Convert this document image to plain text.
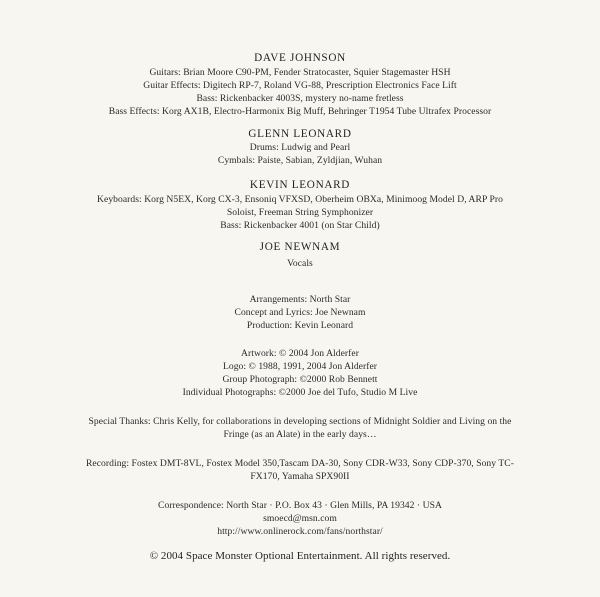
DAVE JOHNSON
Guitars: Brian Moore C90-PM, Fender Stratocaster, Squier Stagemaster HSH
Guitar Effects: Digitech RP-7, Roland VG-88, Prescription Electronics Face Lift
Bass: Rickenbacker 4003S, mystery no-name fretless
Bass Effects: Korg AX1B, Electro-Harmonix Big Muff, Behringer T1954 Tube Ultrafex Processor
GLENN LEONARD
Drums: Ludwig and Pearl
Cymbals: Paiste, Sabian, Zyldjian, Wuhan
KEVIN LEONARD
Keyboards: Korg N5EX, Korg CX-3, Ensoniq VFXSD, Oberheim OBXa, Minimoog Model D, ARP Pro
Soloist, Freeman String Symphonizer
Bass: Rickenbacker 4001 (on Star Child)
JOE NEWNAM
Vocals
Arrangements: North Star
Concept and Lyrics: Joe Newnam
Production: Kevin Leonard
Artwork: © 2004 Jon Alderfer
Logo: © 1988, 1991, 2004 Jon Alderfer
Group Photograph: ©2000 Rob Bennett
Individual Photographs: ©2000 Joe del Tufo, Studio M Live
Special Thanks: Chris Kelly, for collaborations in developing sections of Midnight Soldier and Living on the
Fringe (as an Alate) in the early days…
Recording: Fostex DMT-8VL, Fostex Model 350,Tascam DA-30, Sony CDR-W33, Sony CDP-370, Sony TC-
FX170, Yamaha SPX90II
Correspondence: North Star · P.O. Box 43 · Glen Mills, PA 19342 · USA
smoecd@msn.com
http://www.onlinerock.com/fans/northstar/
© 2004 Space Monster Optional Entertainment. All rights reserved.
